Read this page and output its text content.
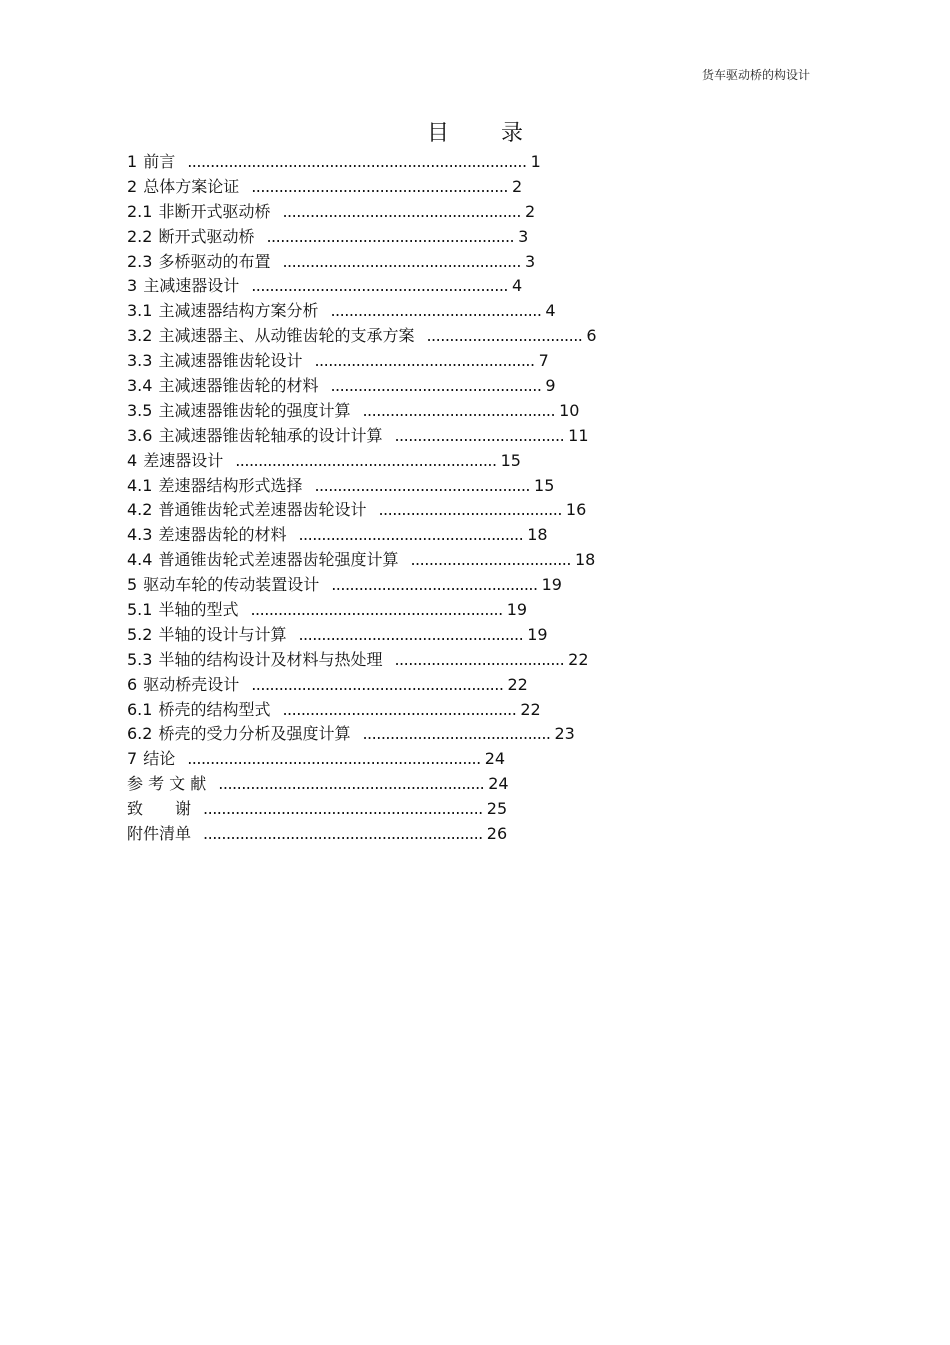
货车驱动桥的构设计
目 录
1 前言 .......................................................................... 1
2 总体方案论证 ........................................................ 2
2.1 非断开式驱动桥 .................................................... 2
2.2 断开式驱动桥 ...................................................... 3
2.3 多桥驱动的布置 .................................................... 3
3 主减速器设计 ........................................................ 4
3.1 主减速器结构方案分析 .............................................. 4
3.2 主减速器主、从动锥齿轮的支承方案 .................................. 6
3.3 主减速器锥齿轮设计 ................................................ 7
3.4 主减速器锥齿轮的材料 .............................................. 9
3.5 主减速器锥齿轮的强度计算 .......................................... 10
3.6 主减速器锥齿轮轴承的设计计算 ..................................... 11
4 差速器设计 ......................................................... 15
4.1 差速器结构形式选择 ............................................... 15
4.2 普通锥齿轮式差速器齿轮设计 ........................................ 16
4.3 差速器齿轮的材料 ................................................. 18
4.4 普通锥齿轮式差速器齿轮强度计算 ................................... 18
5 驱动车轮的传动装置设计 ............................................. 19
5.1 半轴的型式 ....................................................... 19
5.2 半轴的设计与计算 ................................................. 19
5.3 半轴的结构设计及材料与热处理 ..................................... 22
6 驱动桥壳设计 ....................................................... 22
6.1 桥壳的结构型式 ................................................... 22
6.2 桥壳的受力分析及强度计算 ......................................... 23
7 结论 ................................................................ 24
参 考 文 献 .......................................................... 24
致　　谢 ............................................................. 25
附件清单 ............................................................. 26
